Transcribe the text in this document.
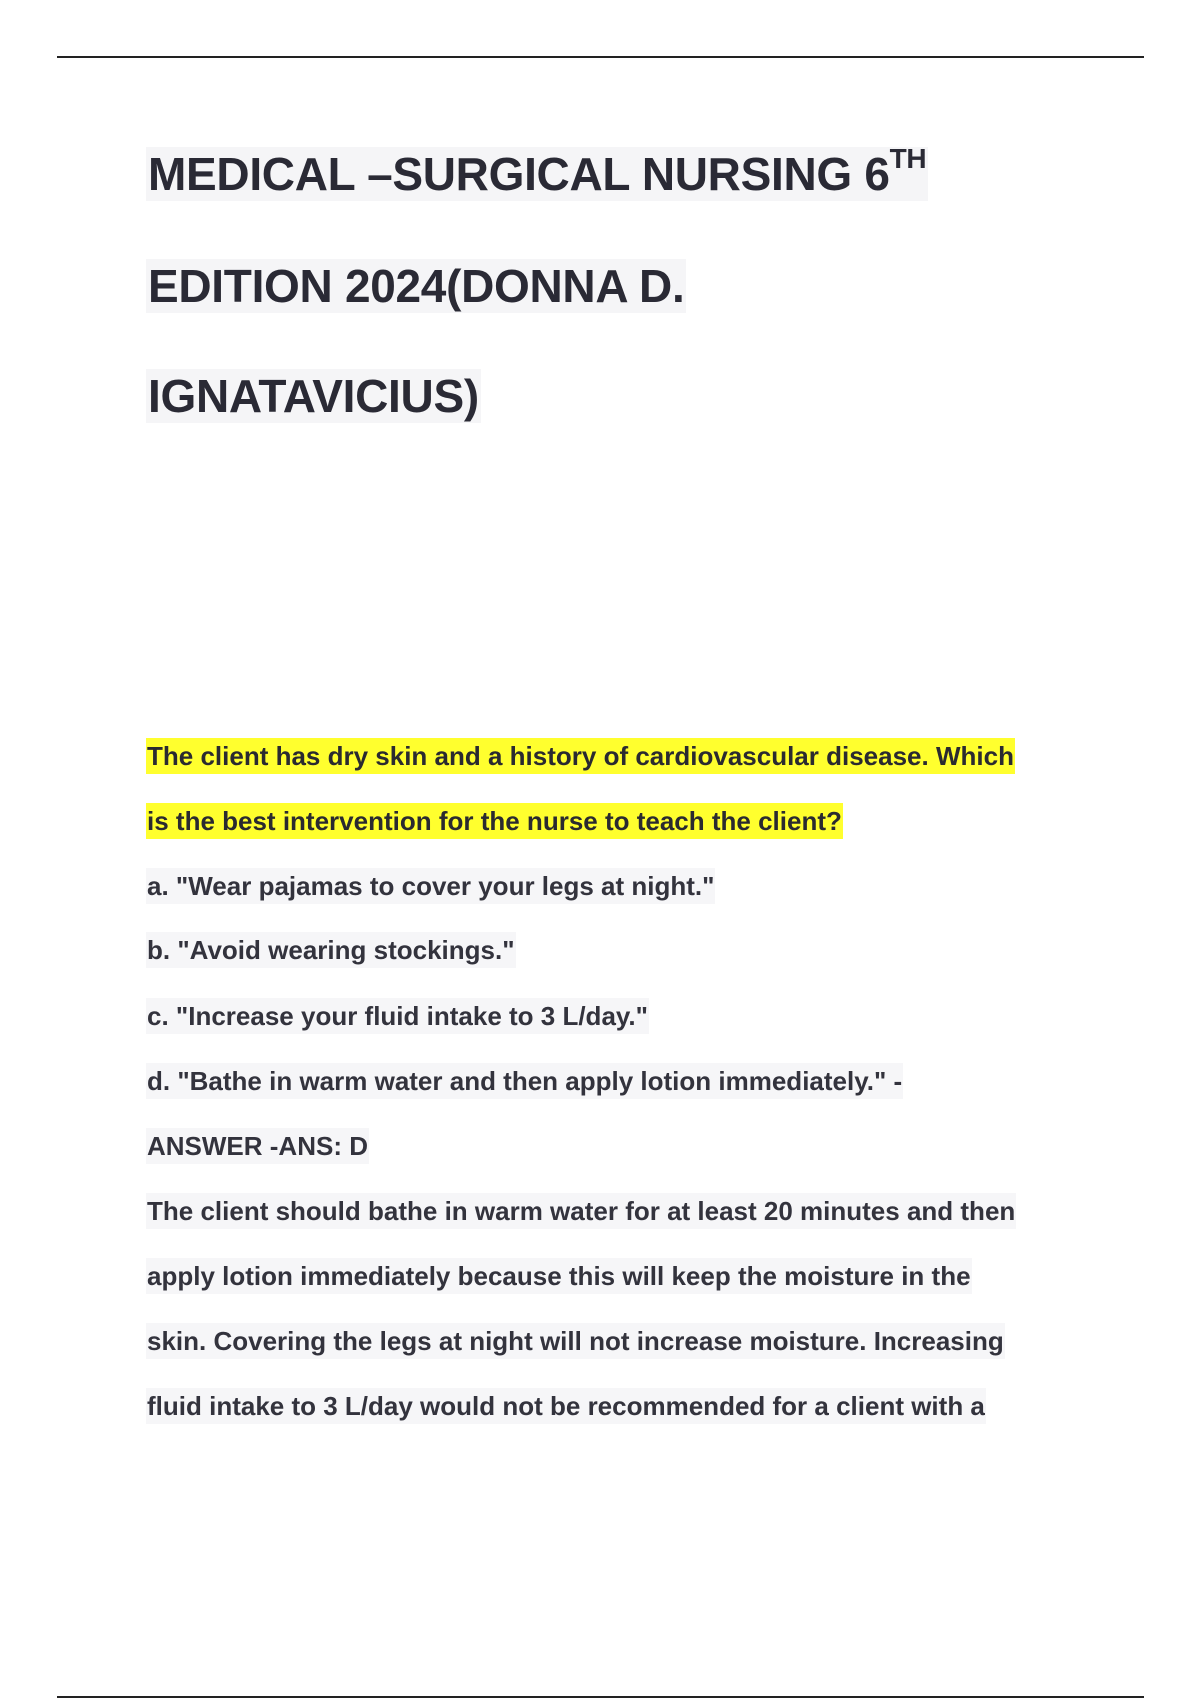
MEDICAL –SURGICAL NURSING 6TH
EDITION 2024(DONNA D.
IGNATAVICIUS)
The client has dry skin and a history of cardiovascular disease. Which
is the best intervention for the nurse to teach the client?
a. "Wear pajamas to cover your legs at night."
b. "Avoid wearing stockings."
c. "Increase your fluid intake to 3 L/day."
d. "Bathe in warm water and then apply lotion immediately." -
ANSWER -ANS: D
The client should bathe in warm water for at least 20 minutes and then
apply lotion immediately because this will keep the moisture in the
skin. Covering the legs at night will not increase moisture. Increasing
fluid intake to 3 L/day would not be recommended for a client with a
